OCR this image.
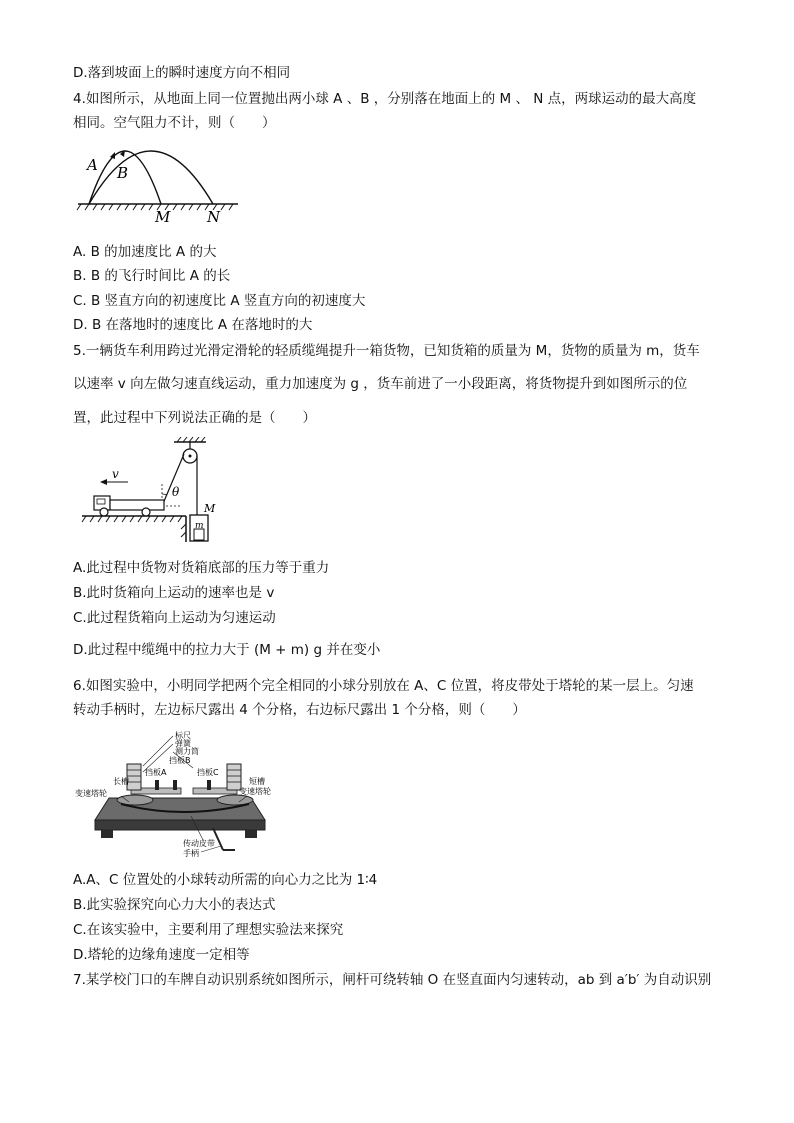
D.落到坡面上的瞬时速度方向不相同
4.如图所示，从地面上同一位置抛出两小球 A 、B ，分别落在地面上的 M 、 N 点，两球运动的最大高度
相同。空气阻力不计，则（　　）
A B
M N
A. B 的加速度比 A 的大
B. B 的飞行时间比 A 的长
C. B 竖直方向的初速度比 A 竖直方向的初速度大
D. B 在落地时的速度比 A 在落地时的大
5.一辆货车利用跨过光滑定滑轮的轻质缆绳提升一箱货物，已知货箱的质量为 M，货物的质量为 m，货车
以速率 v 向左做匀速直线运动，重力加速度为 g ，货车前进了一小段距离，将货物提升到如图所示的位
置，此过程中下列说法正确的是（　　）
θ
v
M
m
A.此过程中货物对货箱底部的压力等于重力
B.此时货箱向上运动的速率也是 v
C.此过程货箱向上运动为匀速运动
D.此过程中缆绳中的拉力大于 (M + m) g 并在变小
6.如图实验中，小明同学把两个完全相同的小球分别放在 A、C 位置，将皮带处于塔轮的某一层上。匀速
转动手柄时，左边标尺露出 4 个分格，右边标尺露出 1 个分格，则（　　）
标尺
弹簧
测力筒
挡板B
挡板A	挡板C
长槽	短槽
变速塔轮	变速塔轮
传动皮带
手柄
A.A、C 位置处的小球转动所需的向心力之比为 1∶4
B.此实验探究向心力大小的表达式
C.在该实验中，主要利用了理想实验法来探究
D.塔轮的边缘角速度一定相等
7.某学校门口的车牌自动识别系统如图所示，闸杆可绕转轴 O 在竖直面内匀速转动，ab 到 a′b′ 为自动识别
